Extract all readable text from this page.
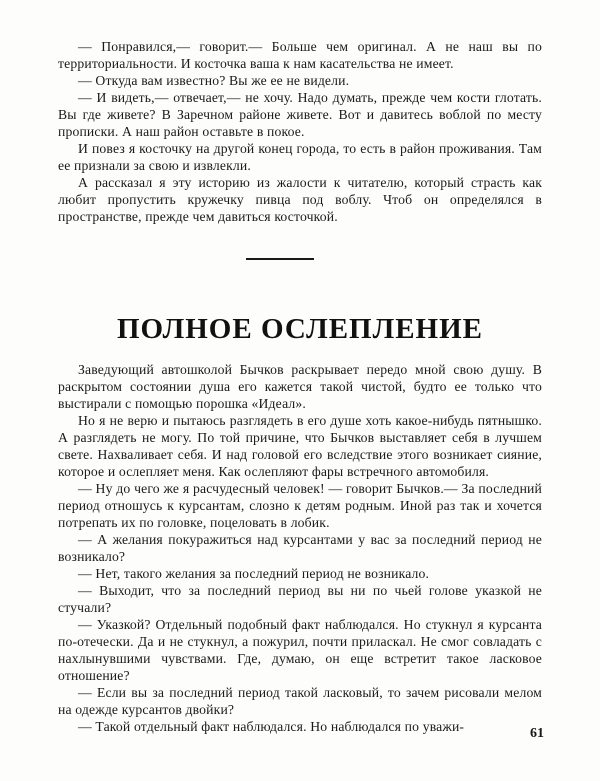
— Понравился,— говорит.— Больше чем оригинал. А не наш вы по территориальности. И косточка ваша к нам касательства не имеет.

— Откуда вам известно? Вы же ее не видели.

— И видеть,— отвечает,— не хочу. Надо думать, прежде чем кости глотать. Вы где живете? В Заречном районе живете. Вот и давитесь воблой по месту прописки. А наш район оставьте в покое.

И повез я косточку на другой конец города, то есть в район проживания. Там ее признали за свою и извлекли.

А рассказал я эту историю из жалости к читателю, который страсть как любит пропустить кружечку пивца под воблу. Чтоб он определялся в пространстве, прежде чем давиться косточкой.

ПОЛНОЕ ОСЛЕПЛЕНИЕ

Заведующий автошколой Бычков раскрывает передо мной свою душу. В раскрытом состоянии душа его кажется такой чистой, будто ее только что выстирали с помощью порошка «Идеал».

Но я не верю и пытаюсь разглядеть в его душе хоть какое-нибудь пятнышко. А разглядеть не могу. По той причине, что Бычков выставляет себя в лучшем свете. Нахваливает себя. И над головой его вследствие этого возникает сияние, которое и ослепляет меня. Как ослепляют фары встречного автомобиля.

— Ну до чего же я расчудесный человек! — говорит Бычков.— За последний период отношусь к курсантам, слозно к детям родным. Иной раз так и хочется потрепать их по головке, поцеловать в лобик.

— А желания покуражиться над курсантами у вас за последний период не возникало?

— Нет, такого желания за последний период не возникало.

— Выходит, что за последний период вы ни по чьей голове указкой не стучали?

— Указкой? Отдельный подобный факт наблюдался. Но стукнул я курсанта по-отечески. Да и не стукнул, а пожурил, почти приласкал. Не смог совладать с нахлынувшими чувствами. Где, думаю, он еще встретит такое ласковое отношение?

— Если вы за последний период такой ласковый, то зачем рисовали мелом на одежде курсантов двойки?

— Такой отдельный факт наблюдался. Но наблюдался по уважи-	61
